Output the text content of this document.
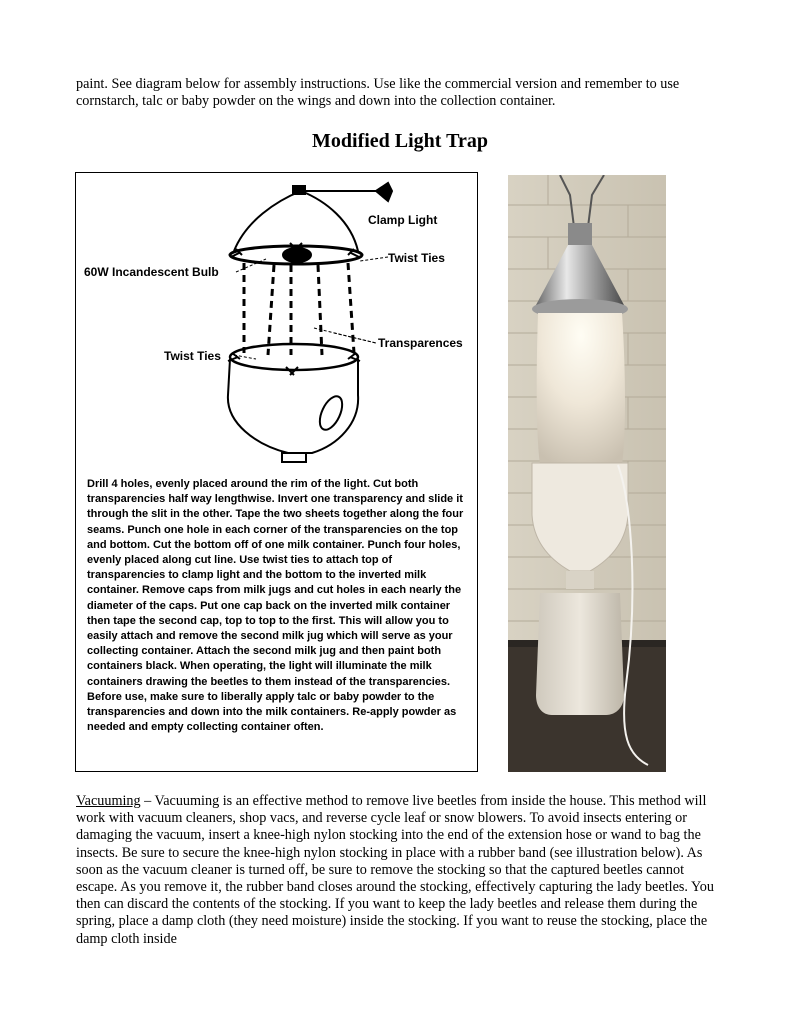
paint. See diagram below for assembly instructions. Use like the commercial version and remember to use cornstarch, talc or baby powder on the wings and down into the collection container.

Modified Light Trap
Clamp Light
Twist Ties
60W Incandescent Bulb
Transparences
Twist Ties

Drill 4 holes, evenly placed around the rim of the light. Cut both transparencies half way lengthwise. Invert one transparency and slide it through the slit in the other. Tape the two sheets together along the four seams. Punch one hole in each corner of the transparencies on the top and bottom. Cut the bottom off of one milk container. Punch four holes, evenly placed along cut line. Use twist ties to attach top of transparencies to clamp light and the bottom to the inverted milk container. Remove caps from milk jugs and cut holes in each nearly the diameter of the caps. Put one cap back on the inverted milk container then tape the second cap, top to top to the first. This will allow you to easily attach and remove the second milk jug which will serve as your collecting container. Attach the second milk jug and then paint both containers black. When operating, the light will illuminate the milk containers drawing the beetles to them instead of the transparencies. Before use, make sure to liberally apply talc or baby powder to the transparencies and down into the milk containers. Re-apply powder as needed and empty collecting container often.

Vacuuming – Vacuuming is an effective method to remove live beetles from inside the house. This method will work with vacuum cleaners, shop vacs, and reverse cycle leaf or snow blowers. To avoid insects entering or damaging the vacuum, insert a knee-high nylon stocking into the end of the extension hose or wand to bag the insects. Be sure to secure the knee-high nylon stocking in place with a rubber band (see illustration below). As soon as the vacuum cleaner is turned off, be sure to remove the stocking so that the captured beetles cannot escape. As you remove it, the rubber band closes around the stocking, effectively capturing the lady beetles. You then can discard the contents of the stocking. If you want to keep the lady beetles and release them during the spring, place a damp cloth (they need moisture) inside the stocking. If you want to reuse the stocking, place the damp cloth inside
